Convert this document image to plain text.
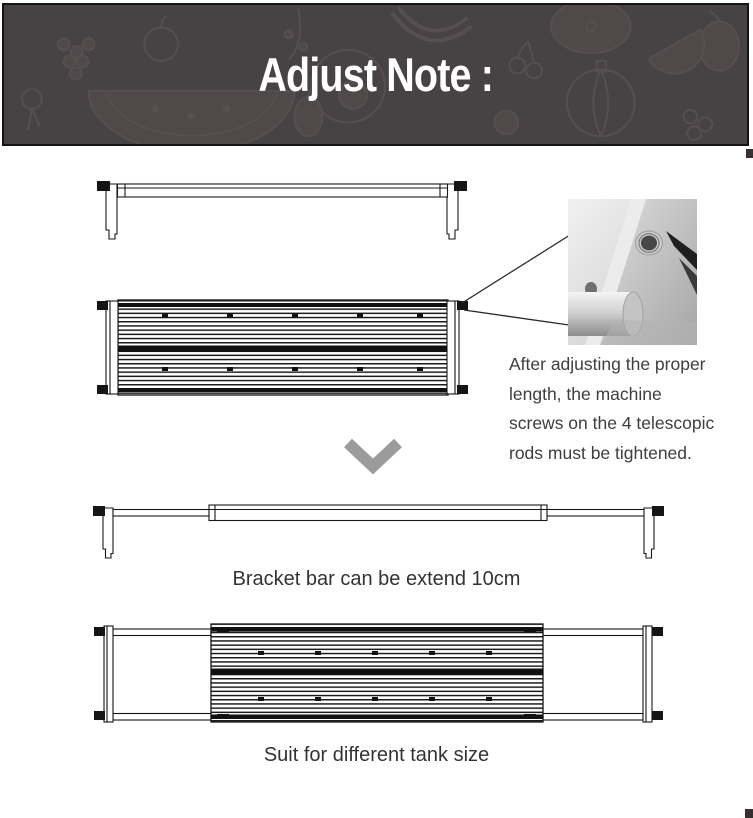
Adjust Note :
After adjusting the proper
length, the machine
screws on the 4 telescopic
rods must be tightened.
Bracket bar can be extend 10cm
Suit for different tank size
